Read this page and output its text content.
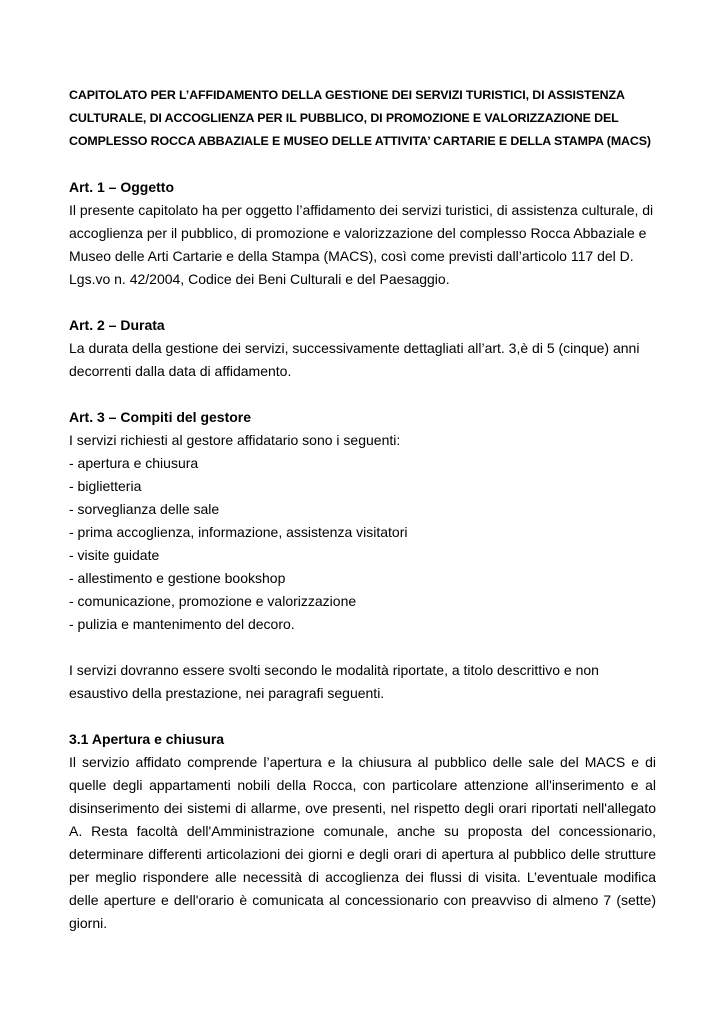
CAPITOLATO PER L’AFFIDAMENTO DELLA GESTIONE DEI SERVIZI TURISTICI, DI ASSISTENZA CULTURALE, DI ACCOGLIENZA PER IL PUBBLICO, DI PROMOZIONE E VALORIZZAZIONE DEL COMPLESSO ROCCA ABBAZIALE E MUSEO DELLE ATTIVITA’ CARTARIE E DELLA STAMPA (MACS)

Art. 1 – Oggetto

Il presente capitolato ha per oggetto l’affidamento dei servizi turistici, di assistenza culturale, di accoglienza per il pubblico, di promozione e valorizzazione del complesso Rocca Abbaziale e Museo delle Arti Cartarie e della Stampa (MACS), così come previsti dall’articolo 117 del D. Lgs.vo n. 42/2004, Codice dei Beni Culturali e del Paesaggio.

Art. 2 – Durata

La durata della gestione dei servizi, successivamente dettagliati all’art. 3,è di 5 (cinque) anni decorrenti dalla data di affidamento.

Art. 3 – Compiti del gestore

I servizi richiesti al gestore affidatario sono i seguenti:

- apertura e chiusura
- biglietteria
- sorveglianza delle sale
- prima accoglienza, informazione, assistenza visitatori
- visite guidate
- allestimento e gestione bookshop
- comunicazione, promozione e valorizzazione
- pulizia e mantenimento del decoro.

I servizi dovranno essere svolti secondo le modalità riportate, a titolo descrittivo e non esaustivo della prestazione, nei paragrafi seguenti.

3.1 Apertura e chiusura

Il servizio affidato comprende l’apertura e la chiusura al pubblico delle sale del MACS e di quelle degli appartamenti nobili della Rocca, con particolare attenzione all'inserimento e al disinserimento dei sistemi di allarme, ove presenti, nel rispetto degli orari riportati nell'allegato A. Resta facoltà dell'Amministrazione comunale, anche su proposta del concessionario, determinare differenti articolazioni dei giorni e degli orari di apertura al pubblico delle strutture per meglio rispondere alle necessità di accoglienza dei flussi di visita. L’eventuale modifica delle aperture e dell'orario è comunicata al concessionario con preavviso di almeno 7 (sette) giorni.
